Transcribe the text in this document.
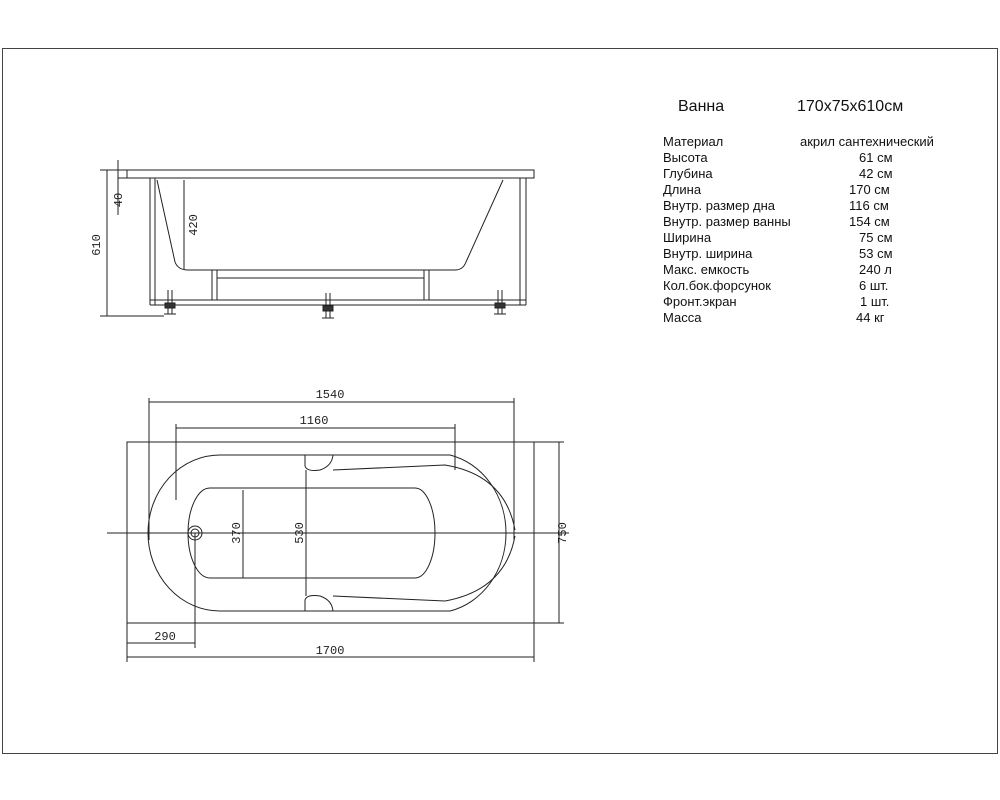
40
420
610
1540
1160
370	530	750
290
1700
Ванна	170x75x610см
Материал	акрил сантехнический
Высота	61 см
Глубина	42 см
Длина	170 см
Внутр. размер дна	116 см
Внутр. размер ванны	154 см
Ширина	75 см
Внутр. ширина	53 см
Макс. емкость	240 л
Кол.бок.форсунок	6 шт.
Фронт.экран	1 шт.
Масса	44 кг
